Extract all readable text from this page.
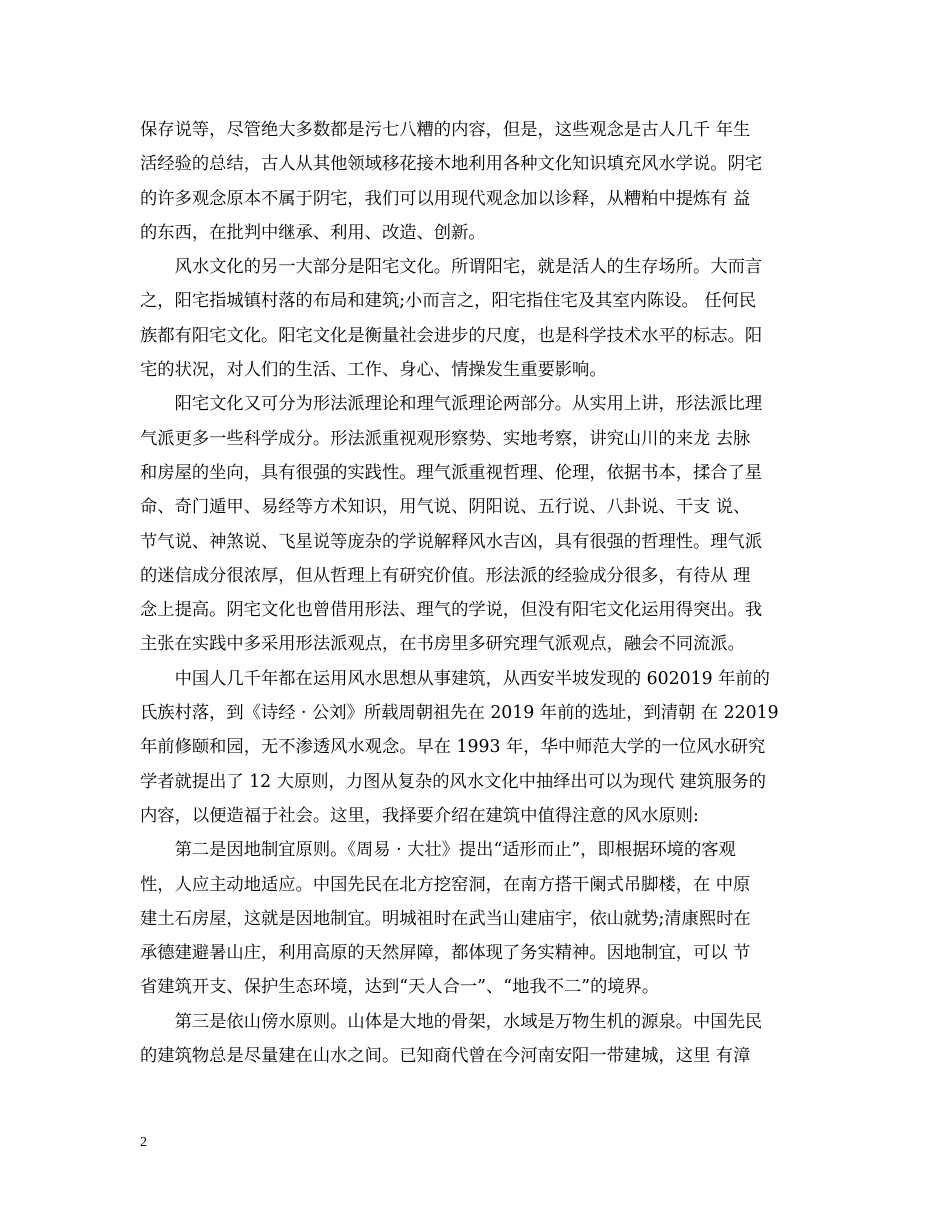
保存说等，尽管绝大多数都是污七八糟的内容，但是，这些观念是古人几千 年生
活经验的总结，古人从其他领域移花接木地利用各种文化知识填充风水学说。阴宅
的许多观念原本不属于阴宅，我们可以用现代观念加以诊释，从糟粕中提炼有 益
的东西，在批判中继承、利用、改造、创新。
　　风水文化的另一大部分是阳宅文化。所谓阳宅，就是活人的生存场所。大而言
之，阳宅指城镇村落的布局和建筑;小而言之，阳宅指住宅及其室内陈设。 任何民
族都有阳宅文化。阳宅文化是衡量社会进步的尺度，也是科学技术水平的标志。阳
宅的状况，对人们的生活、工作、身心、情操发生重要影响。
　　阳宅文化又可分为形法派理论和理气派理论两部分。从实用上讲，形法派比理
气派更多一些科学成分。形法派重视观形察势、实地考察，讲究山川的来龙 去脉
和房屋的坐向，具有很强的实践性。理气派重视哲理、伦理，依据书本，揉合了星
命、奇门遁甲、易经等方术知识，用气说、阴阳说、五行说、八卦说、干支 说、
节气说、神煞说、飞星说等庞杂的学说解释风水吉凶，具有很强的哲理性。理气派
的迷信成分很浓厚，但从哲理上有研究价值。形法派的经验成分很多，有待从 理
念上提高。阴宅文化也曾借用形法、理气的学说，但没有阳宅文化运用得突出。我
主张在实践中多采用形法派观点，在书房里多研究理气派观点，融会不同流派。
　　中国人几千年都在运用风水思想从事建筑，从西安半坡发现的 602019 年前的
氏族村落，到《诗经 · 公刘》所载周朝祖先在 2019 年前的选址，到清朝 在 22019
年前修颐和园，无不渗透风水观念。早在 1993 年，华中师范大学的一位风水研究
学者就提出了 12 大原则，力图从复杂的风水文化中抽绎出可以为现代 建筑服务的
内容，以便造福于社会。这里，我择要介绍在建筑中值得注意的风水原则:
　　第二是因地制宜原则。《周易 · 大壮》提出“适形而止”，即根据环境的客观
性，人应主动地适应。中国先民在北方挖窑洞，在南方搭干阑式吊脚楼，在 中原
建土石房屋，这就是因地制宜。明城祖时在武当山建庙宇，依山就势;清康熙时在
承德建避暑山庄，利用高原的天然屏障，都体现了务实精神。因地制宜，可以 节
省建筑开支、保护生态环境，达到“天人合一”、“地我不二”的境界。
　　第三是依山傍水原则。山体是大地的骨架，水域是万物生机的源泉。中国先民
的建筑物总是尽量建在山水之间。已知商代曾在今河南安阳一带建城，这里 有漳
2
